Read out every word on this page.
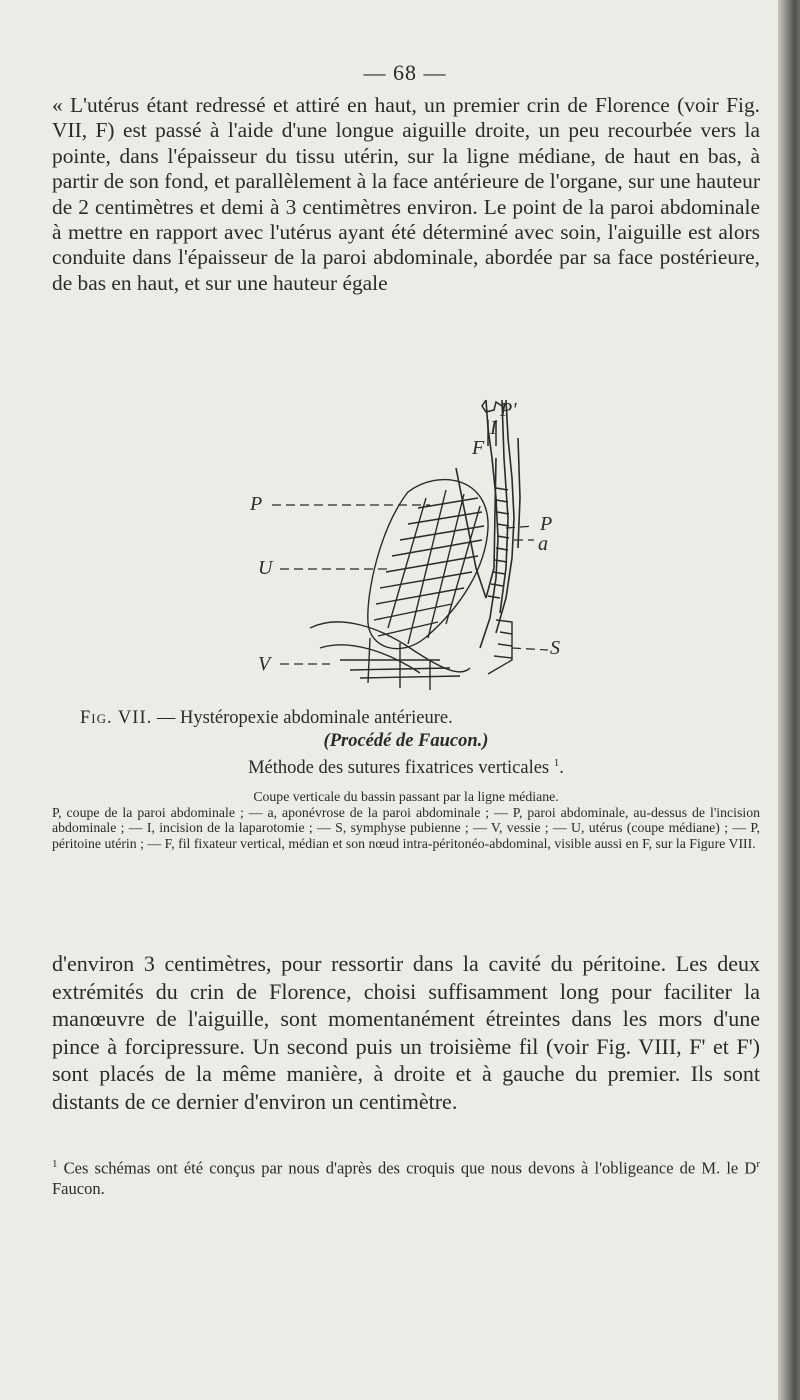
— 68 —

« L'utérus étant redressé et attiré en haut, un premier crin de Florence (voir Fig. VII, F) est passé à l'aide d'une longue aiguille droite, un peu recourbée vers la pointe, dans l'épaisseur du tissu utérin, sur la ligne médiane, de haut en bas, à partir de son fond, et parallèlement à la face antérieure de l'organe, sur une hauteur de 2 centimètres et demi à 3 centimètres environ. Le point de la paroi abdominale à mettre en rapport avec l'utérus ayant été déterminé avec soin, l'aiguille est alors conduite dans l'épaisseur de la paroi abdominale, abordée par sa face postérieure, de bas en haut, et sur une hauteur égale

P'
I
F
P
P
U
a
S
V

Fig. VII. — Hystéropexie abdominale antérieure.

(Procédé de Faucon.)
Méthode des sutures fixatrices verticales $^1$.

Coupe verticale du bassin passant par la ligne médiane.
P, coupe de la paroi abdominale ; — a, aponévrose de la paroi abdominale ; — P, paroi abdominale, au-dessus de l'incision abdominale ; — I, incision de la laparotomie ; — S, symphyse pubienne ; — V, vessie ; — U, utérus (coupe médiane) ; — P, péritoine utérin ; — F, fil fixateur vertical, médian et son nœud intra-péritonéo-abdominal, visible aussi en F, sur la Figure VIII.

d'environ 3 centimètres, pour ressortir dans la cavité du péritoine. Les deux extrémités du crin de Florence, choisi suffisamment long pour faciliter la manœuvre de l'aiguille, sont momentanément étreintes dans les mors d'une pince à forcipressure. Un second puis un troisième fil (voir Fig. VIII, F' et F') sont placés de la même manière, à droite et à gauche du premier. Ils sont distants de ce dernier d'environ un centimètre.

$^1$ Ces schémas ont été conçus par nous d'après des croquis que nous devons à l'obligeance de M. le $D^r$ Faucon.
